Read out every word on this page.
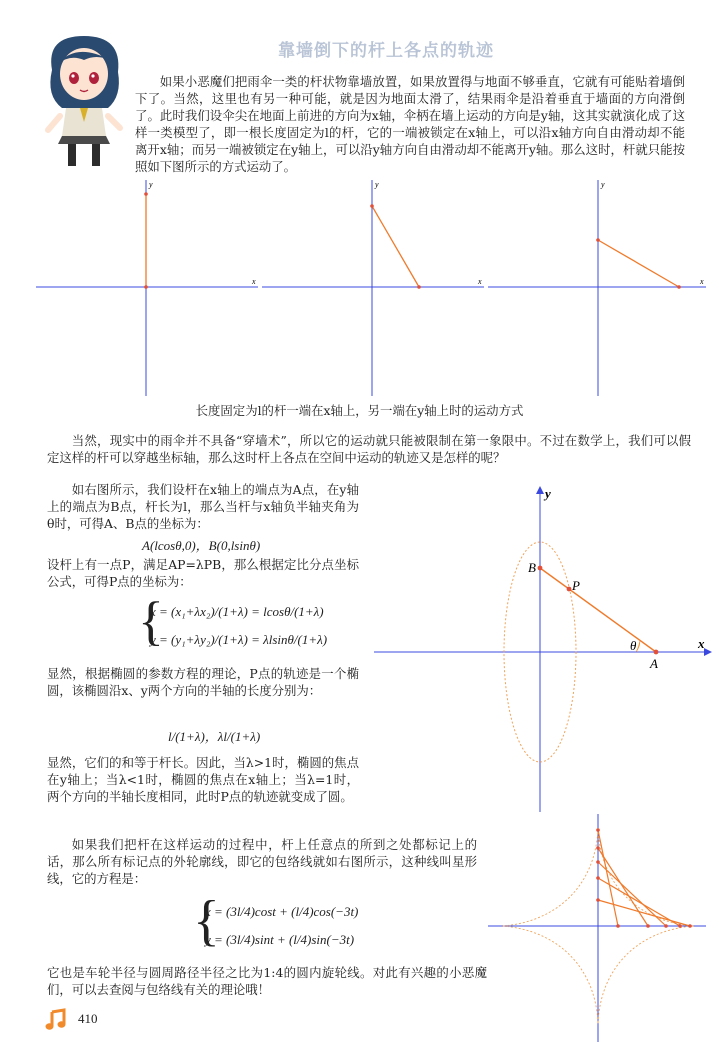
靠墙倒下的杆上各点的轨迹

如果小恶魔们把雨伞一类的杆状物靠墙放置，如果放置得与地面不够垂直，它就有可能贴着墙倒下了。当然，这里也有另一种可能，就是因为地面太滑了，结果雨伞是沿着垂直于墙面的方向滑倒了。此时我们设伞尖在地面上前进的方向为x轴，伞柄在墙上运动的方向是y轴，这其实就演化成了这样一类模型了，即一根长度固定为l的杆，它的一端被锁定在x轴上，可以沿x轴方向自由滑动却不能离开x轴；而另一端被锁定在y轴上，可以沿y轴方向自由滑动却不能离开y轴。那么这时，杆就只能按照如下图所示的方式运动了。

x
y
x
y
x
y
长度固定为l的杆一端在x轴上，另一端在y轴上时的运动方式

当然，现实中的雨伞并不具备“穿墙术”，所以它的运动就只能被限制在第一象限中。不过在数学上，我们可以假定这样的杆可以穿越坐标轴，那么这时杆上各点在空间中运动的轨迹又是怎样的呢？

如右图所示，我们设杆在x轴上的端点为A点，在y轴上的端点为B点，杆长为l，那么当杆与x轴负半轴夹角为θ时，可得A、B点的坐标为：

A(lcosθ,0)，B(0,lsinθ)

设杆上有一点P，满足AP=λPB，那么根据定比分点坐标公式，可得P点的坐标为：

{
x = (x₁+λx₂)/(1+λ) = lcosθ/(1+λ)
y = (y₁+λy₂)/(1+λ) = λlsinθ/(1+λ)

显然，根据椭圆的参数方程的理论，P点的轨迹是一个椭圆，该椭圆沿x、y两个方向的半轴的长度分别为：

l/(1+λ)，λl/(1+λ)

显然，它们的和等于杆长。因此，当λ>1时，椭圆的焦点在y轴上；当λ<1时，椭圆的焦点在x轴上；当λ=1时，两个方向的半轴长度相同，此时P点的轨迹就变成了圆。

x
y
A
B
P
θ

如果我们把杆在这样运动的过程中，杆上任意点的所到之处都标记上的话，那么所有标记点的外轮廓线，即它的包络线就如右图所示，这种线叫星形线，它的方程是：

{
x = (3l/4)cost + (l/4)cos(−3t)
y = (3l/4)sint + (l/4)sin(−3t)

它也是车轮半径与圆周路径半径之比为1:4的圆内旋轮线。对此有兴趣的小恶魔们，可以去查阅与包络线有关的理论哦！

410
